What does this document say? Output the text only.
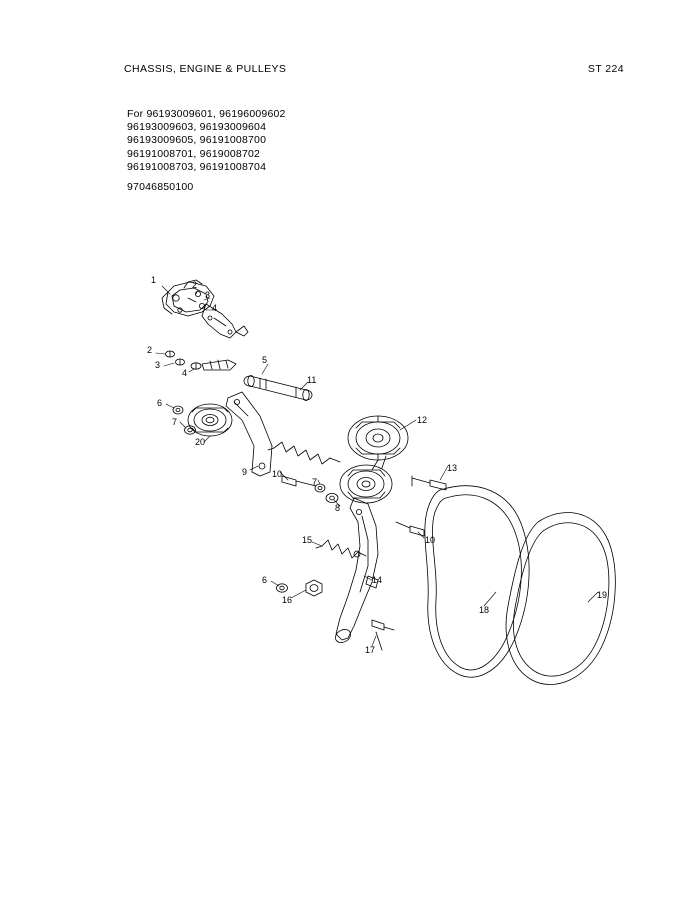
CHASSIS, ENGINE & PULLEYS	ST 224
For 96193009601, 96196009602
96193009603, 96193009604
96193009605, 96191008700
96191008701, 9619008702
96191008703, 96191008704
97046850100
1	2
3
4
2
3
4
5
11
6
7
20
9	10
7
8
12
13
10
15
6
16
14
17
18
19
